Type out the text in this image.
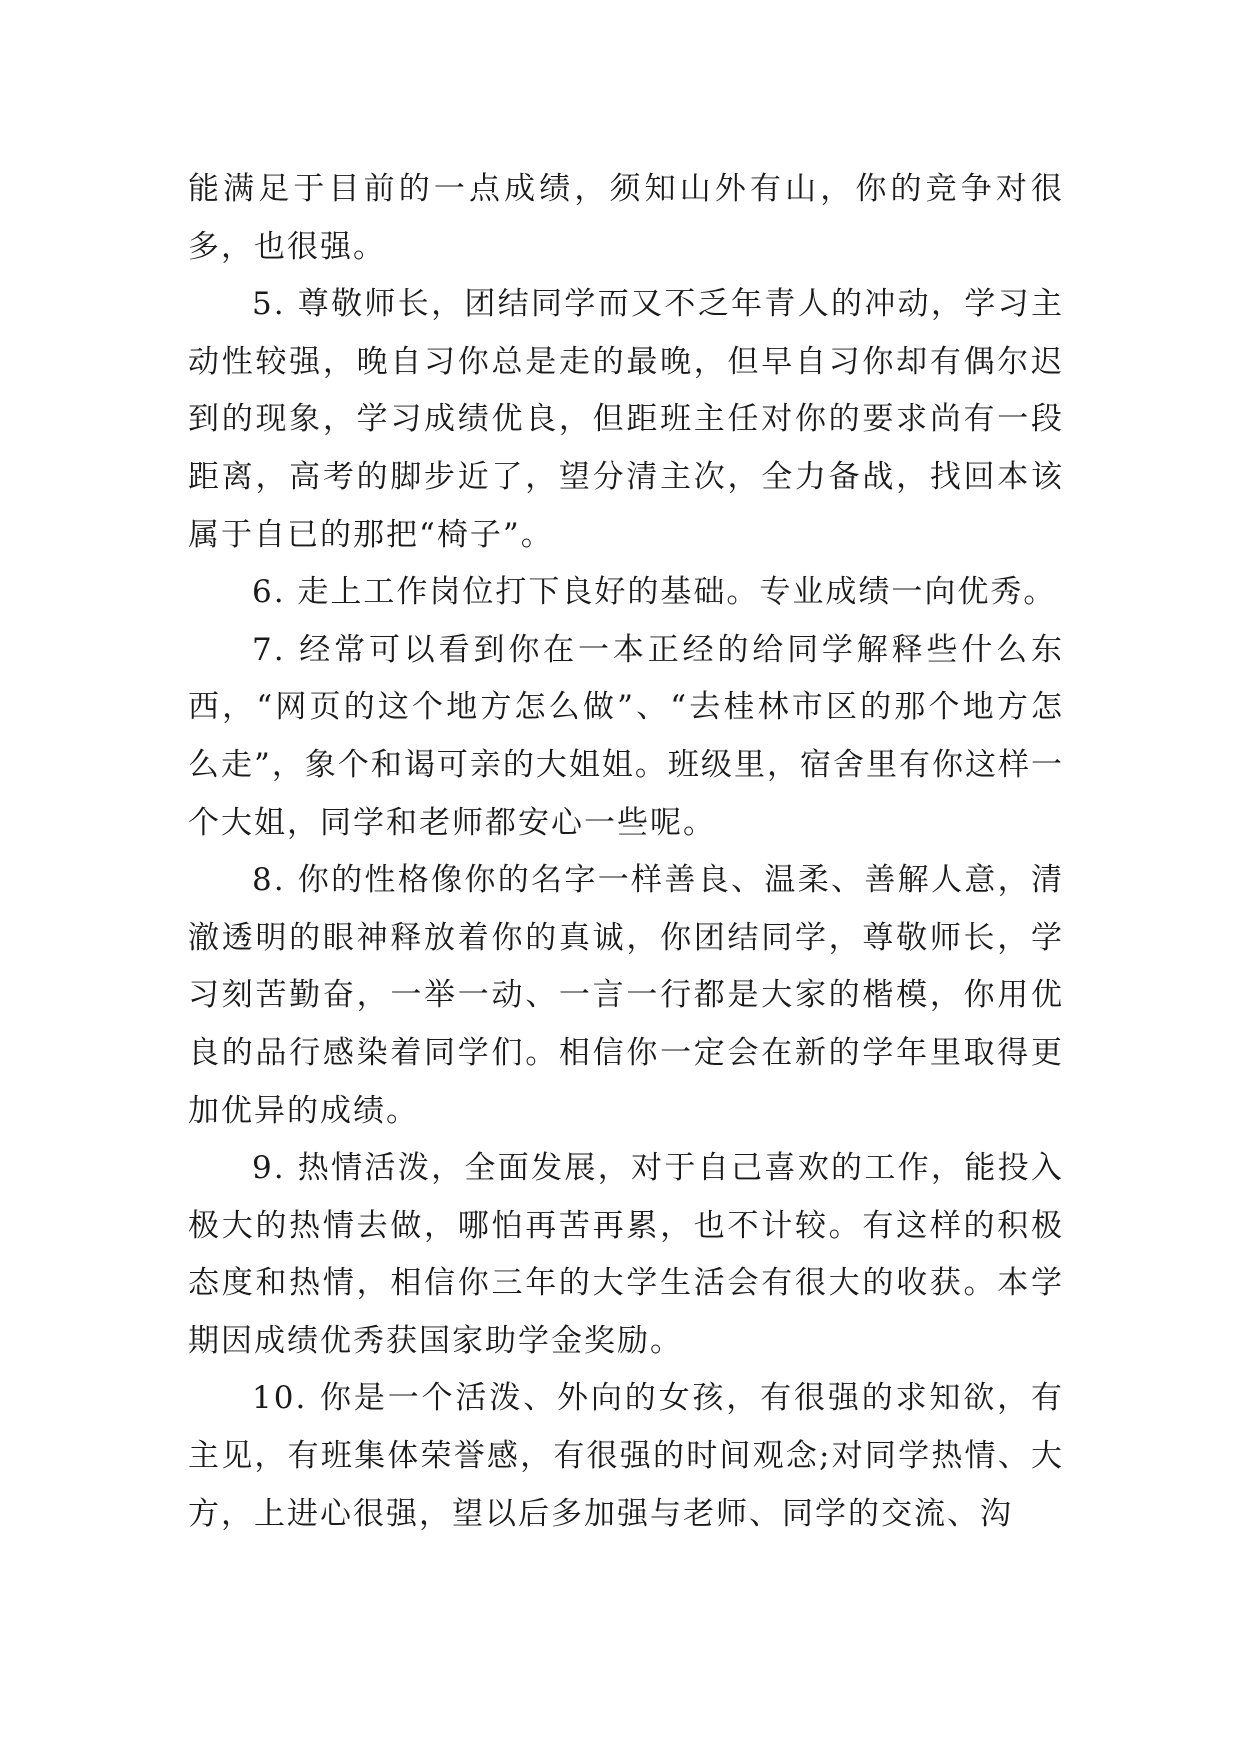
能满足于目前的一点成绩，须知山外有山，你的竞争对很多，也很强。

5. 尊敬师长，团结同学而又不乏年青人的冲动，学习主动性较强，晚自习你总是走的最晚，但早自习你却有偶尔迟到的现象，学习成绩优良，但距班主任对你的要求尚有一段距离，高考的脚步近了，望分清主次，全力备战，找回本该属于自已的那把“椅子”。

6. 走上工作岗位打下良好的基础。专业成绩一向优秀。

7. 经常可以看到你在一本正经的给同学解释些什么东西，“网页的这个地方怎么做”、“去桂林市区的那个地方怎么走”，象个和谒可亲的大姐姐。班级里，宿舍里有你这样一个大姐，同学和老师都安心一些呢。

8. 你的性格像你的名字一样善良、温柔、善解人意，清澈透明的眼神释放着你的真诚，你团结同学，尊敬师长，学习刻苦勤奋，一举一动、一言一行都是大家的楷模，你用优良的品行感染着同学们。相信你一定会在新的学年里取得更加优异的成绩。

9. 热情活泼，全面发展，对于自己喜欢的工作，能投入极大的热情去做，哪怕再苦再累，也不计较。有这样的积极态度和热情，相信你三年的大学生活会有很大的收获。本学期因成绩优秀获国家助学金奖励。

10. 你是一个活泼、外向的女孩，有很强的求知欲，有主见，有班集体荣誉感，有很强的时间观念;对同学热情、大方，上进心很强，望以后多加强与老师、同学的交流、沟
